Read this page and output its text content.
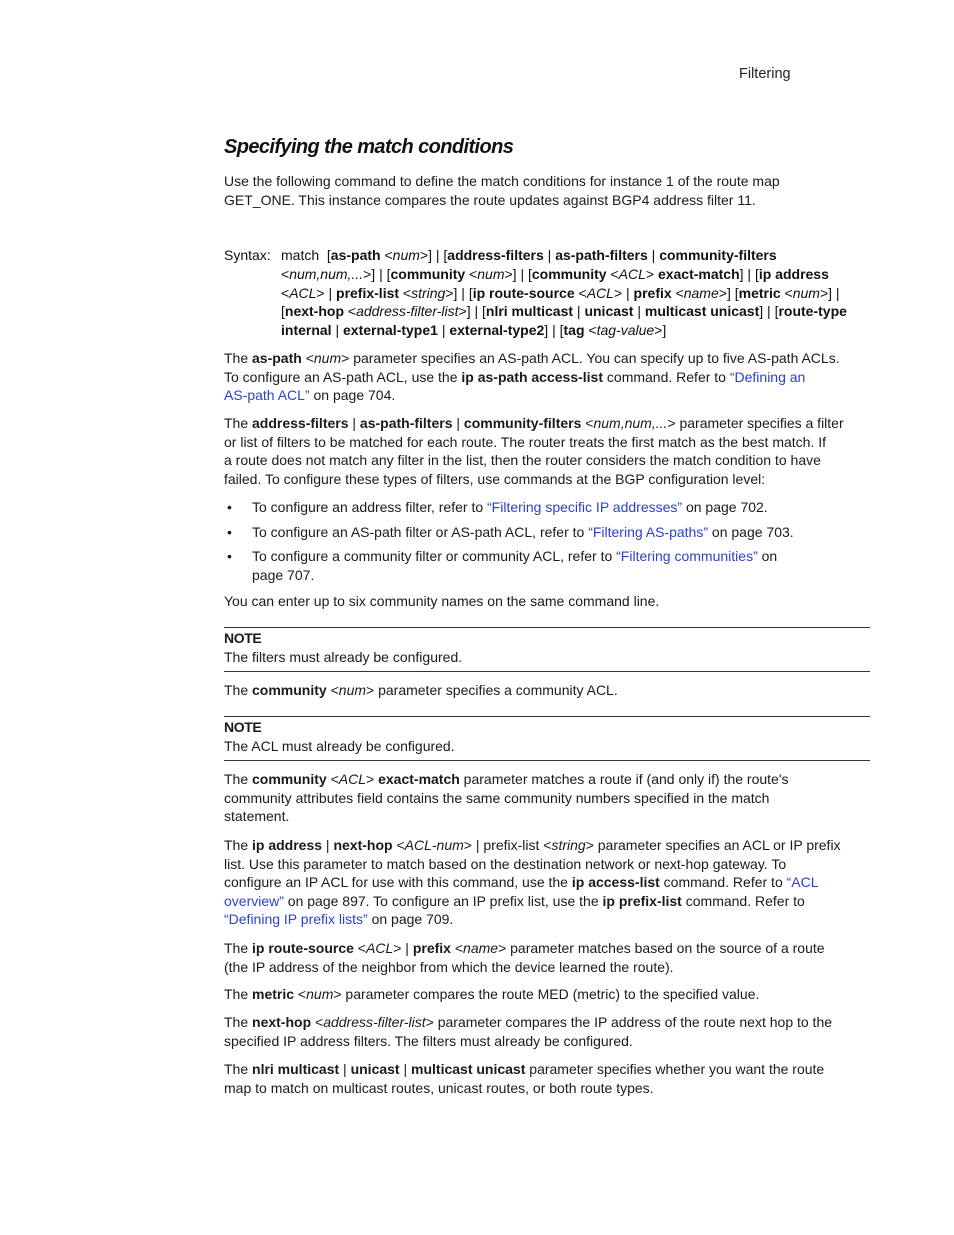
Filtering
Specifying the match conditions

Use the following command to define the match conditions for instance 1 of the route map
GET_ONE. This instance compares the route updates against BGP4 address filter 11.

Syntax: match [as-path <num>] | [address-filters | as-path-filters | community-filters
<num,num,...>] | [community <num>] | [community <ACL> exact-match] | [ip address
<ACL> | prefix-list <string>] | [ip route-source <ACL> | prefix <name>] [metric <num>] |
[next-hop <address-filter-list>] | [nlri multicast | unicast | multicast unicast] | [route-type
internal | external-type1 | external-type2] | [tag <tag-value>]

The as-path <num> parameter specifies an AS-path ACL. You can specify up to five AS-path ACLs.
To configure an AS-path ACL, use the ip as-path access-list command. Refer to “Defining an
AS-path ACL” on page 704.

The address-filters | as-path-filters | community-filters <num,num,...> parameter specifies a filter
or list of filters to be matched for each route. The router treats the first match as the best match. If
a route does not match any filter in the list, then the router considers the match condition to have
failed. To configure these types of filters, use commands at the BGP configuration level:

• To configure an address filter, refer to “Filtering specific IP addresses” on page 702.
• To configure an AS-path filter or AS-path ACL, refer to “Filtering AS-paths” on page 703.
• To configure a community filter or community ACL, refer to “Filtering communities” on
page 707.
You can enter up to six community names on the same command line.
NOTE
The filters must already be configured.

The community <num> parameter specifies a community ACL.

NOTE
The ACL must already be configured.

The community <ACL> exact-match parameter matches a route if (and only if) the route's
community attributes field contains the same community numbers specified in the match
statement.

The ip address | next-hop <ACL-num> | prefix-list <string> parameter specifies an ACL or IP prefix
list. Use this parameter to match based on the destination network or next-hop gateway. To
configure an IP ACL for use with this command, use the ip access-list command. Refer to “ACL
overview” on page 897. To configure an IP prefix list, use the ip prefix-list command. Refer to
“Defining IP prefix lists” on page 709.

The ip route-source <ACL> | prefix <name> parameter matches based on the source of a route
(the IP address of the neighbor from which the device learned the route).

The metric <num> parameter compares the route MED (metric) to the specified value.

The next-hop <address-filter-list> parameter compares the IP address of the route next hop to the
specified IP address filters. The filters must already be configured.

The nlri multicast | unicast | multicast unicast parameter specifies whether you want the route
map to match on multicast routes, unicast routes, or both route types.
